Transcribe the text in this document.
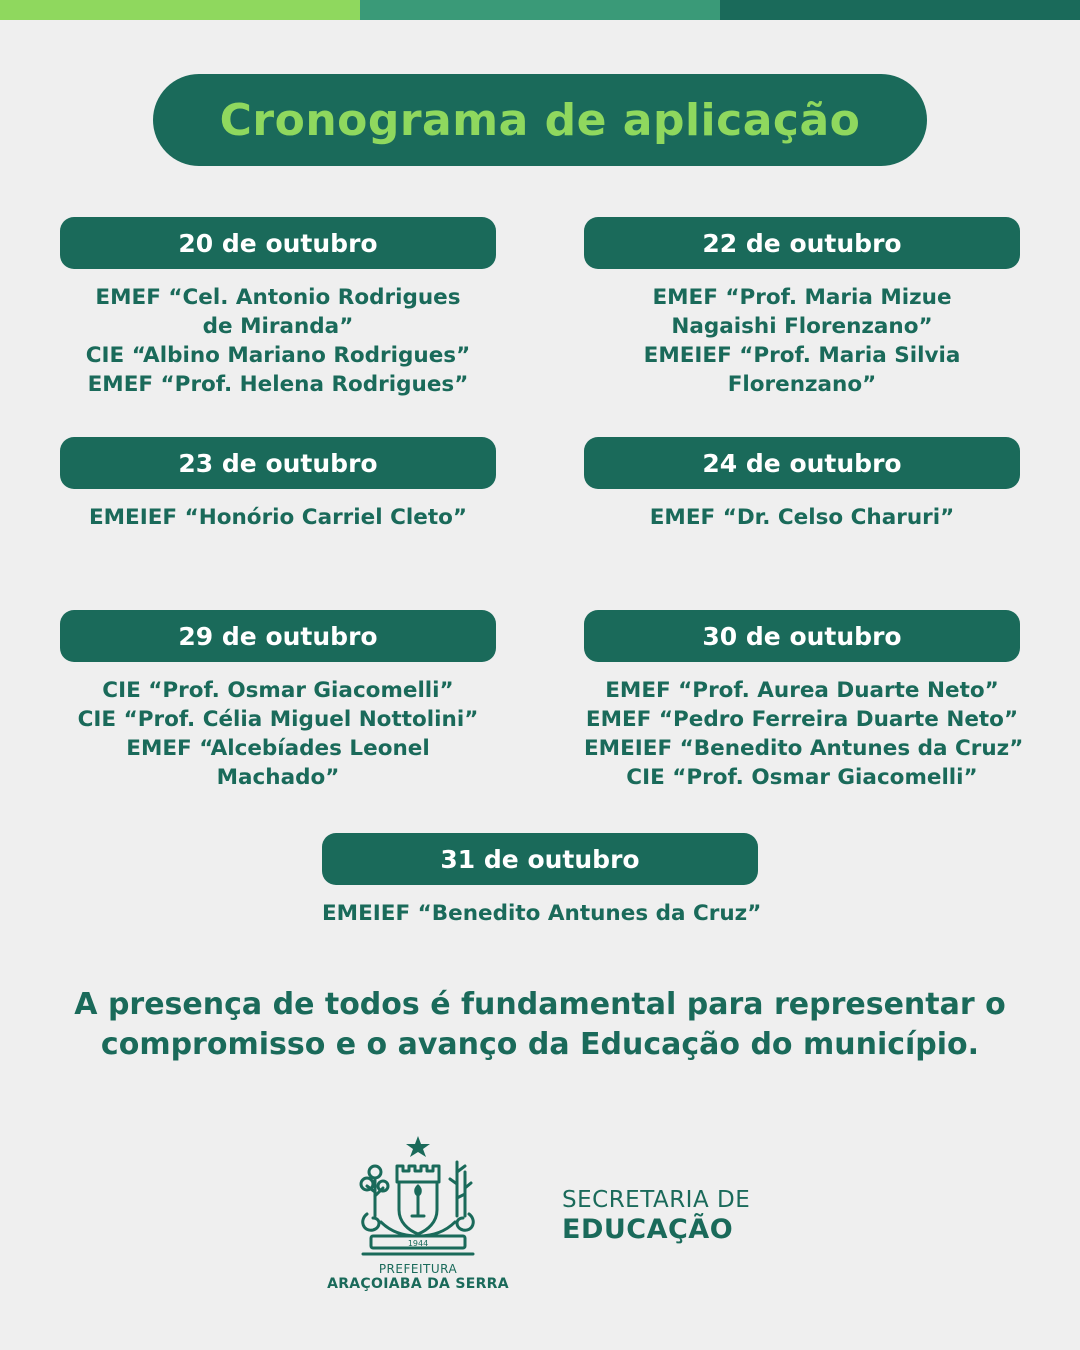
Cronograma de aplicação
20 de outubro
EMEF “Cel. Antonio Rodrigues
de Miranda”
CIE “Albino Mariano Rodrigues”
EMEF “Prof. Helena Rodrigues”
22 de outubro
EMEF “Prof. Maria Mizue
Nagaishi Florenzano”
EMEIEF “Prof. Maria Silvia
Florenzano”
23 de outubro
EMEIEF “Honório Carriel Cleto”
24 de outubro
EMEF “Dr. Celso Charuri”
29 de outubro
CIE “Prof. Osmar Giacomelli”
CIE “Prof. Célia Miguel Nottolini”
EMEF “Alcebíades Leonel
Machado”
30 de outubro
EMEF “Prof. Aurea Duarte Neto”
EMEF “Pedro Ferreira Duarte Neto”
EMEIEF “Benedito Antunes da Cruz”
CIE “Prof. Osmar Giacomelli”
31 de outubro
EMEIEF “Benedito Antunes da Cruz”
A presença de todos é fundamental para representar o
compromisso e o avanço da Educação do município.
1944
PREFEITURA
ARAÇOIABA DA SERRA
SECRETARIA DE
EDUCAÇÃO
